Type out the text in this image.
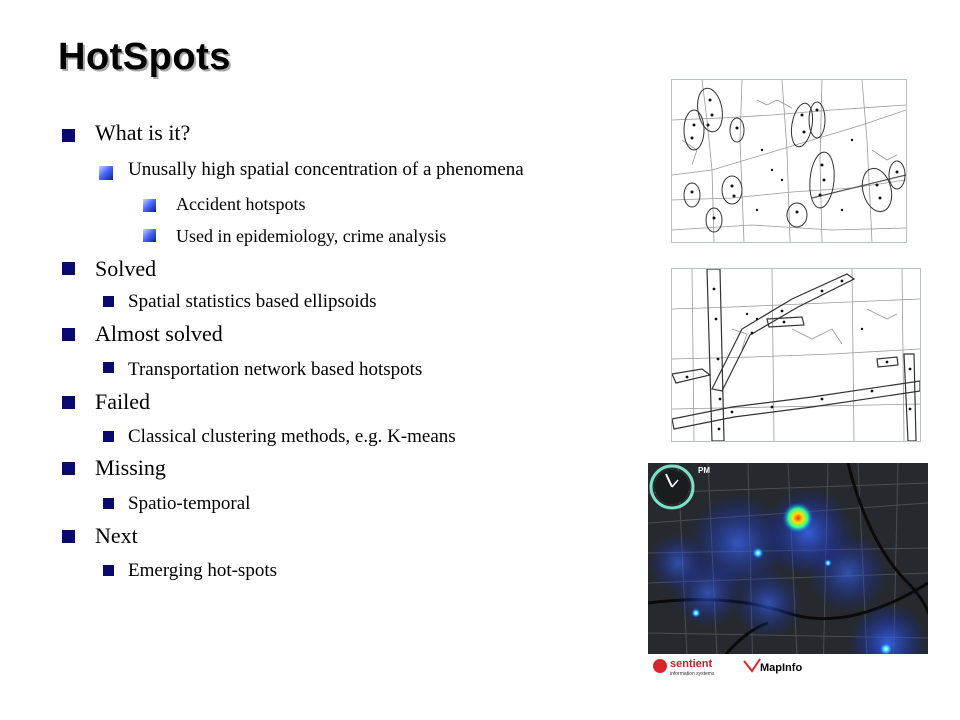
HotSpots
What is it?
Unusally high spatial concentration of a phenomena
Accident hotspots
Used in epidemiology, crime analysis
Solved
Spatial statistics based ellipsoids
Almost solved
Transportation network based hotspots
Failed
Classical clustering methods, e.g. K-means
Missing
Spatio-temporal
Next
Emerging hot-spots
PM
sentient
information systems	MapInfo
